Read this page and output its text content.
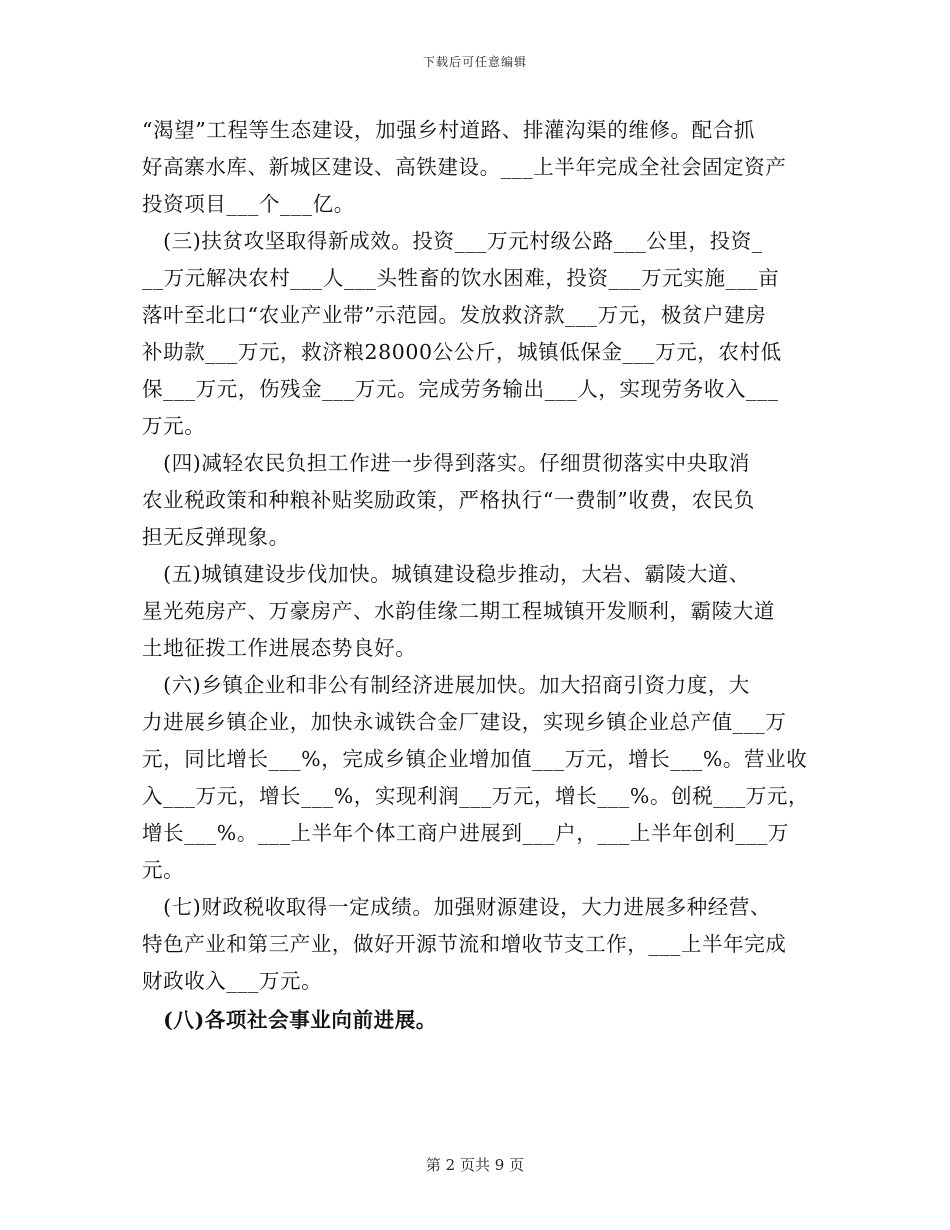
下载后可任意编辑
“渴望”工程等生态建设，加强乡村道路、排灌沟渠的维修。配合抓
好高寨水库、新城区建设、高铁建设。___上半年完成全社会固定资产
投资项目___个___亿。
　(三)扶贫攻坚取得新成效。投资___万元村级公路___公里，投资_
__万元解决农村___人___头牲畜的饮水困难，投资___万元实施___亩
落叶至北口“农业产业带”示范园。发放救济款___万元，极贫户建房
补助款___万元，救济粮28000公公斤，城镇低保金___万元，农村低
保___万元，伤残金___万元。完成劳务输出___人，实现劳务收入___
万元。
　(四)减轻农民负担工作进一步得到落实。仔细贯彻落实中央取消
农业税政策和种粮补贴奖励政策，严格执行“一费制”收费，农民负
担无反弹现象。
　(五)城镇建设步伐加快。城镇建设稳步推动，大岩、霸陵大道、
星光苑房产、万豪房产、水韵佳缘二期工程城镇开发顺利，霸陵大道
土地征拨工作进展态势良好。
　(六)乡镇企业和非公有制经济进展加快。加大招商引资力度，大
力进展乡镇企业，加快永诚铁合金厂建设，实现乡镇企业总产值___万
元，同比增长___%，完成乡镇企业增加值___万元，增长___%。营业收
入___万元，增长___%，实现利润___万元，增长___%。创税___万元，
增长___%。___上半年个体工商户进展到___户，___上半年创利___万
元。
　(七)财政税收取得一定成绩。加强财源建设，大力进展多种经营、
特色产业和第三产业，做好开源节流和增收节支工作，___上半年完成
财政收入___万元。
　(八)各项社会事业向前进展。
第 2 页共 9 页
